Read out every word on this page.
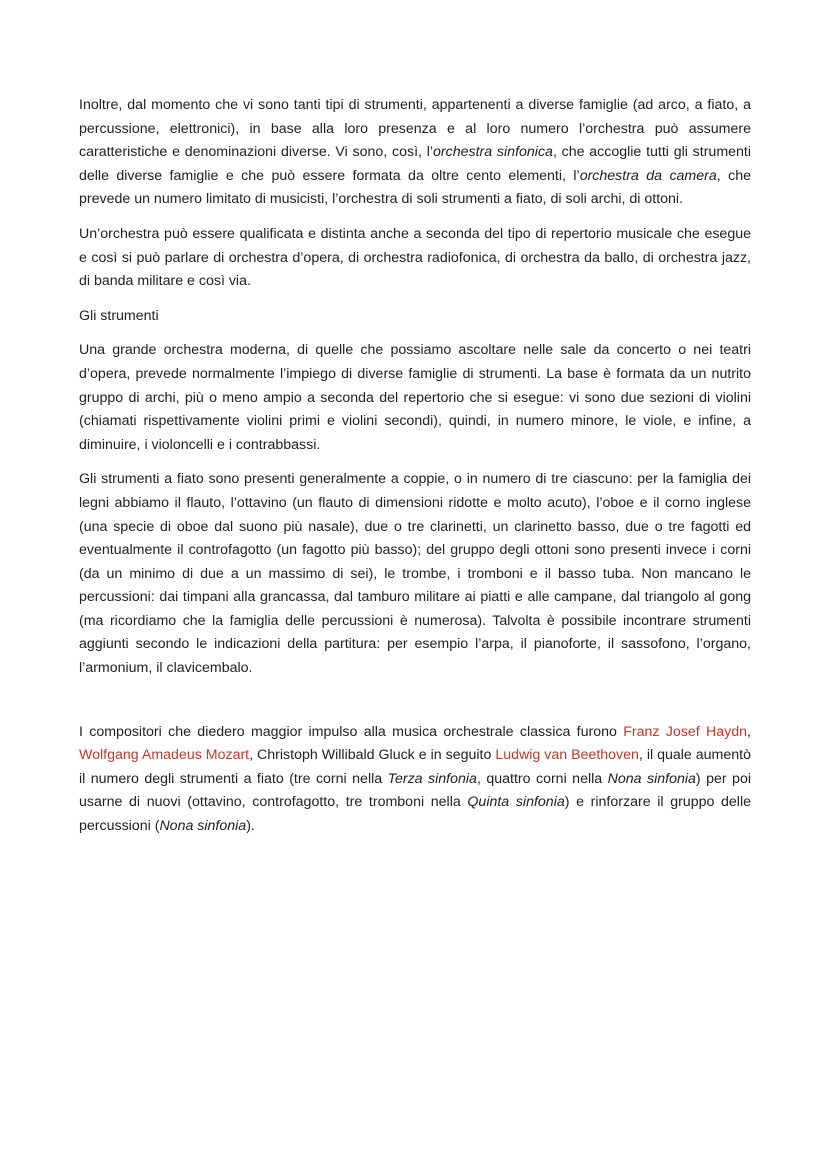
Inoltre, dal momento che vi sono tanti tipi di strumenti, appartenenti a diverse famiglie (ad arco, a fiato, a percussione, elettronici), in base alla loro presenza e al loro numero l’orchestra può assumere caratteristiche e denominazioni diverse. Vi sono, così, l’orchestra sinfonica, che accoglie tutti gli strumenti delle diverse famiglie e che può essere formata da oltre cento elementi, l’orchestra da camera, che prevede un numero limitato di musicisti, l’orchestra di soli strumenti a fiato, di soli archi, di ottoni.

Un’orchestra può essere qualificata e distinta anche a seconda del tipo di repertorio musicale che esegue e così si può parlare di orchestra d’opera, di orchestra radiofonica, di orchestra da ballo, di orchestra jazz, di banda militare e così via.

Gli strumenti

Una grande orchestra moderna, di quelle che possiamo ascoltare nelle sale da concerto o nei teatri d’opera, prevede normalmente l’impiego di diverse famiglie di strumenti. La base è formata da un nutrito gruppo di archi, più o meno ampio a seconda del repertorio che si esegue: vi sono due sezioni di violini (chiamati rispettivamente violini primi e violini secondi), quindi, in numero minore, le viole, e infine, a diminuire, i violoncelli e i contrabbassi.

Gli strumenti a fiato sono presenti generalmente a coppie, o in numero di tre ciascuno: per la famiglia dei legni abbiamo il flauto, l’ottavino (un flauto di dimensioni ridotte e molto acuto), l’oboe e il corno inglese (una specie di oboe dal suono più nasale), due o tre clarinetti, un clarinetto basso, due o tre fagotti ed eventualmente il controfagotto (un fagotto più basso); del gruppo degli ottoni sono presenti invece i corni (da un minimo di due a un massimo di sei), le trombe, i tromboni e il basso tuba. Non mancano le percussioni: dai timpani alla grancassa, dal tamburo militare ai piatti e alle campane, dal triangolo al gong (ma ricordiamo che la famiglia delle percussioni è numerosa). Talvolta è possibile incontrare strumenti aggiunti secondo le indicazioni della partitura: per esempio l’arpa, il pianoforte, il sassofono, l’organo, l’armonium, il clavicembalo.

I compositori che diedero maggior impulso alla musica orchestrale classica furono Franz Josef Haydn, Wolfgang Amadeus Mozart, Christoph Willibald Gluck e in seguito Ludwig van Beethoven, il quale aumentò il numero degli strumenti a fiato (tre corni nella Terza sinfonia, quattro corni nella Nona sinfonia) per poi usarne di nuovi (ottavino, controfagotto, tre tromboni nella Quinta sinfonia) e rinforzare il gruppo delle percussioni (Nona sinfonia).
